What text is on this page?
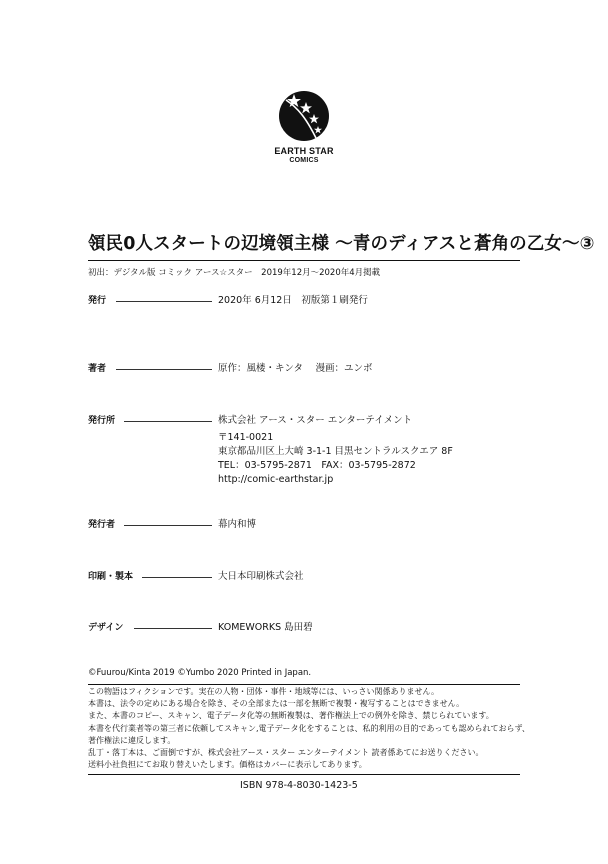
EARTH STAR
COMICS
領民0人スタートの辺境領主様 ～青のディアスと蒼角の乙女～③
初出：デジタル版 コミック アース☆スター　2019年12月～2020年4月掲載
発行	2020年 6月12日　初版第１刷発行
著者	原作：風楼・キンタ　 漫画：ユンボ
発行所	株式会社 アース・スター エンターテイメント
〒141-0021
東京都品川区上大崎 3-1-1 目黒セントラルスクエア 8F
TEL：03-5795-2871　FAX：03-5795-2872
http://comic-earthstar.jp
発行者	幕内和博
印刷・製本	大日本印刷株式会社
デザイン	KOMEWORKS 島田碧
©Fuurou/Kinta 2019 ©Yumbo 2020 Printed in Japan.
この物語はフィクションです。実在の人物・団体・事件・地域等には、いっさい関係ありません。
本書は、法令の定めにある場合を除き、その全部または一部を無断で複製・複写することはできません。
また、本書のコピー、スキャン、電子データ化等の無断複製は、著作権法上での例外を除き、禁じられています。
本書を代行業者等の第三者に依頼してスキャン,電子データ化をすることは、私的利用の目的であっても認められておらず、
著作権法に違反します。
乱丁・落丁本は、ご面倒ですが、株式会社アース・スター エンターテイメント 読者係あてにお送りください。
送料小社負担にてお取り替えいたします。価格はカバーに表示してあります。
ISBN 978-4-8030-1423-5
